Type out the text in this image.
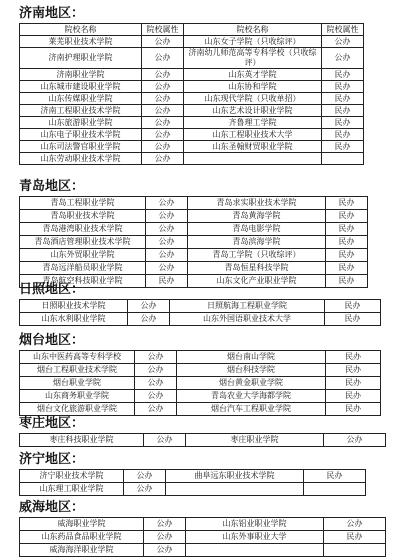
济南地区：
院校名称	院校属性	院校名称	院校属性
莱芜职业技术学院	公办	山东女子学院（只收综评）	公办
济南护理职业学院	公办	济南幼儿师范高等专科学校（只收综评）	公办
济南职业学院	公办	山东英才学院	民办
山东城市建设职业学院	公办	山东协和学院	民办
山东传媒职业学院	公办	山东现代学院（只收单招）	民办
济南工程职业技术学院	公办	山东艺术设计职业学院	民办
山东旅游职业学院	公办	齐鲁理工学院	民办
山东电子职业技术学院	公办	山东工程职业技术大学	民办
山东司法警官职业学院	公办	山东圣翰财贸职业学院	民办
山东劳动职业技术学院	公办		
青岛地区：
青岛工程职业学院	公办	青岛求实职业技术学院	民办
青岛职业技术学院	公办	青岛黄海学院	民办
青岛港湾职业技术学院	公办	青岛电影学院	民办
青岛酒店管理职业技术学院	公办	青岛滨海学院	民办
山东外贸职业学院	公办	青岛工学院（只收综评）	民办
青岛远洋船员职业学院	公办	青岛恒星科技学院	民办
青岛航空科技职业学院	民办	山东文化产业职业学院	民办
日照地区：
日照职业技术学院	公办	日照航海工程职业学院	民办
山东水利职业学院	公办	山东外国语职业技术大学	民办
烟台地区：
山东中医药高等专科学校	公办	烟台南山学院	民办
烟台工程职业技术学院	公办	烟台科技学院	民办
烟台职业学院	公办	烟台黄金职业学院	民办
山东商务职业学院	公办	青岛农业大学海都学院	民办
烟台文化旅游职业学院	公办	烟台汽车工程职业学院	民办
枣庄地区：
枣庄科技职业学院	公办	枣庄职业学院	公办
济宁地区：
济宁职业技术学院	公办	曲阜远东职业技术学院	民办
山东理工职业学院	公办		
威海地区：
威海职业学院	公办	山东铝业职业学院	公办
山东药品食品职业学院	公办	山东外事职业大学	民办
威海海洋职业学院	公办		
